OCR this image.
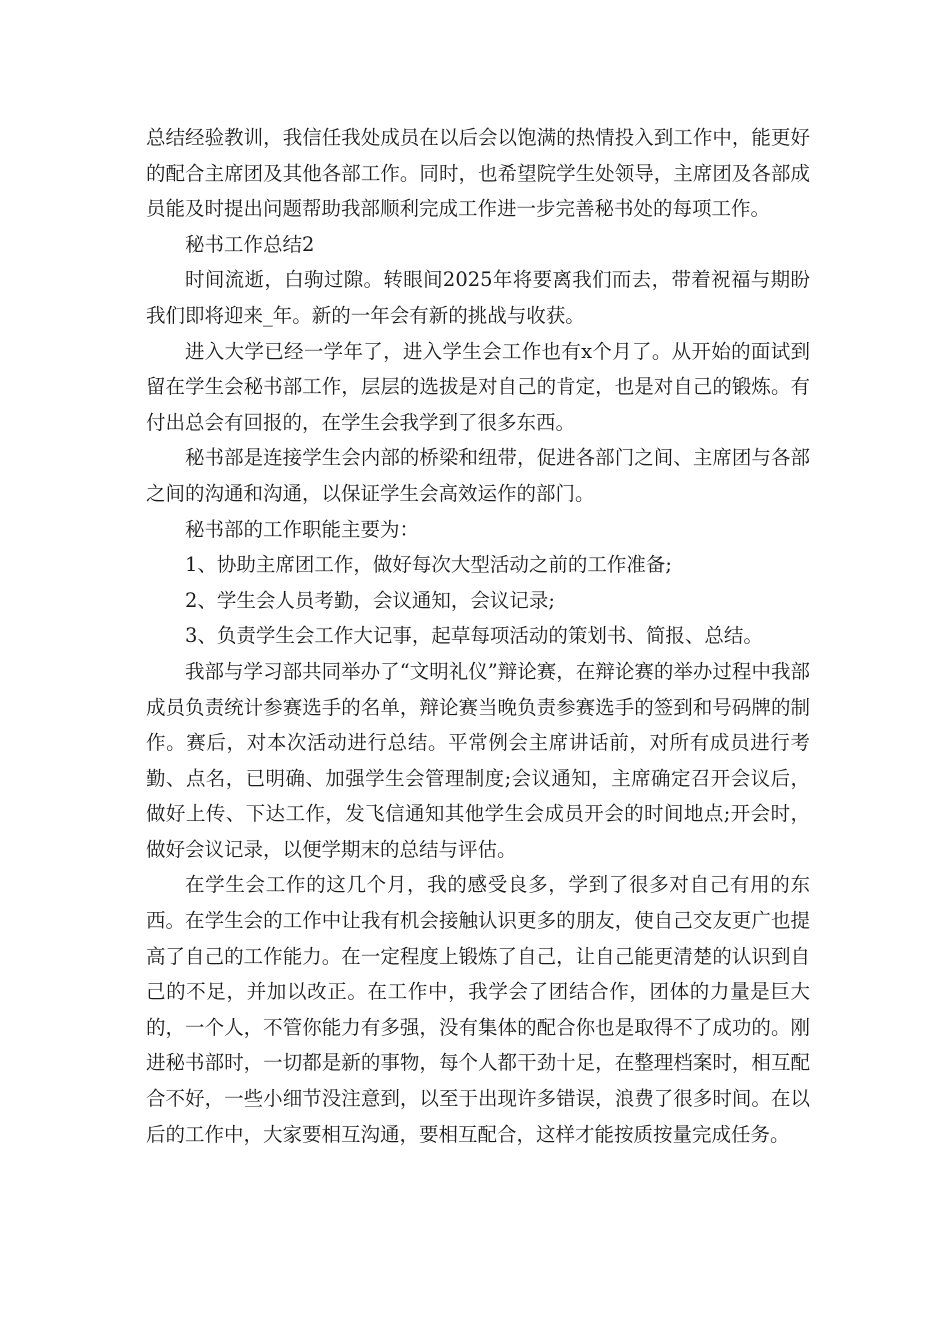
总结经验教训，我信任我处成员在以后会以饱满的热情投入到工作中，能更好的配合主席团及其他各部工作。同时，也希望院学生处领导，主席团及各部成员能及时提出问题帮助我部顺利完成工作进一步完善秘书处的每项工作。

秘书工作总结2

时间流逝，白驹过隙。转眼间2025年将要离我们而去，带着祝福与期盼我们即将迎来_年。新的一年会有新的挑战与收获。

进入大学已经一学年了，进入学生会工作也有x个月了。从开始的面试到留在学生会秘书部工作，层层的选拔是对自己的肯定，也是对自己的锻炼。有付出总会有回报的，在学生会我学到了很多东西。

秘书部是连接学生会内部的桥梁和纽带，促进各部门之间、主席团与各部之间的沟通和沟通，以保证学生会高效运作的部门。

秘书部的工作职能主要为：

1、协助主席团工作，做好每次大型活动之前的工作准备;

2、学生会人员考勤，会议通知，会议记录;

3、负责学生会工作大记事，起草每项活动的策划书、简报、总结。

我部与学习部共同举办了“文明礼仪”辩论赛，在辩论赛的举办过程中我部成员负责统计参赛选手的名单，辩论赛当晚负责参赛选手的签到和号码牌的制作。赛后，对本次活动进行总结。平常例会主席讲话前，对所有成员进行考勤、点名，已明确、加强学生会管理制度;会议通知，主席确定召开会议后，做好上传、下达工作，发飞信通知其他学生会成员开会的时间地点;开会时，做好会议记录，以便学期末的总结与评估。

在学生会工作的这几个月，我的感受良多，学到了很多对自己有用的东西。在学生会的工作中让我有机会接触认识更多的朋友，使自己交友更广也提高了自己的工作能力。在一定程度上锻炼了自己，让自己能更清楚的认识到自己的不足，并加以改正。在工作中，我学会了团结合作，团体的力量是巨大的，一个人，不管你能力有多强，没有集体的配合你也是取得不了成功的。刚进秘书部时，一切都是新的事物，每个人都干劲十足，在整理档案时，相互配合不好，一些小细节没注意到，以至于出现许多错误，浪费了很多时间。在以后的工作中，大家要相互沟通，要相互配合，这样才能按质按量完成任务。
